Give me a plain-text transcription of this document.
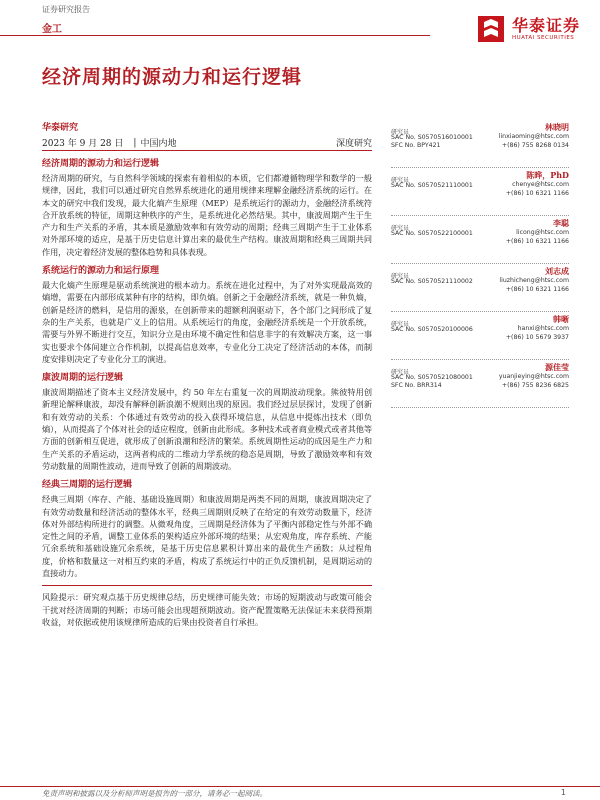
证券研究报告
金工	华泰证券
HUATAI SECURITIES
经济周期的源动力和运行逻辑
华泰研究
2023 年 9 月 28 日 | 中国内地	深度研究
经济周期的源动力和运行逻辑
经济周期的研究，与自然科学领域的探索有着相似的本质，它们都遵循物理学和数学的一般规律，因此，我们可以通过研究自然界系统进化的通用规律来理解金融经济系统的运行。在本文的研究中我们发现，最大化熵产生原理（MEP）是系统运行的源动力，金融经济系统符合开放系统的特征，周期这种秩序的产生，是系统进化必然结果。其中，康波周期产生于生产力和生产关系的矛盾，其本质是激励效率和有效劳动的周期；经典三周期产生于工业体系对外部环境的适应，是基于历史信息计算出来的最优生产结构。康波周期和经典三周期共同作用，决定着经济发展的整体趋势和具体表现。
系统运行的源动力和运行原理
最大化熵产生原理是驱动系统演进的根本动力。系统在进化过程中，为了对外实现最高效的熵增，需要在内部形成某种有序的结构，即负熵。创新之于金融经济系统，就是一种负熵，创新是经济的燃料，是信用的源泉，在创新带来的超额利润驱动下，各个部门之间形成了复杂的生产关系，也就是广义上的信用。从系统运行的角度，金融经济系统是一个开放系统，需要与外界不断进行交互，知识分立是由环境不确定性和信息非字的有效解决方案，这一事实也要求个体间建立合作机制，以提高信息效率，专业化分工决定了经济活动的本体，而制度安排则决定了专业化分工的演进。
康波周期的运行逻辑
康波周期描述了资本主义经济发展中，约 50 年左右重复一次的周期波动现象。熊彼特用创新理论解释康波，却没有解释创新浪潮不规则出现的原因。我们经过层层探讨，发现了创新和有效劳动的关系：个体通过有效劳动的投入获得环境信息，从信息中提炼出技术（即负熵），从而提高了个体对社会的适应程度，创新由此形成。多种技术或者商业模式或者其他等方面的创新相互促进，就形成了创新浪潮和经济的繁荣。系统周期性运动的成因是生产力和生产关系的矛盾运动，这两者构成的二维动力学系统的稳态是周期，导致了激励效率和有效劳动数量的周期性波动，进而导致了创新的周期波动。
经典三周期的运行逻辑
经典三周期（库存、产能、基础设施周期）和康波周期是两类不同的周期，康波周期决定了有效劳动数量和经济活动的整体水平，经典三周期则反映了在给定的有效劳动数量下，经济体对外部结构所进行的调整。从微观角度，三周期是经济体为了平衡内部稳定性与外部不确定性之间的矛盾，调整工业体系的架构适应外部环境的结果；从宏观角度，库存系统、产能冗余系统和基础设施冗余系统，是基于历史信息累积计算出来的最优生产函数；从过程角度，价格和数量这一对相互约束的矛盾，构成了系统运行中的正负反馈机制，是周期运动的直接动力。
风险提示：研究观点基于历史规律总结，历史规律可能失效；市场的短期波动与政策可能会干扰对经济周期的判断；市场可能会出现超预期波动。资产配置策略无法保证未来获得预期收益，对依据或使用该规律所造成的后果由投资者自行承担。
研究员
林晓明
SAC No. S0570516010001	linxiaoming@htsc.com
SFC No. BPY421	+(86) 755 8268 0134
研究员
陈晔，PhD
SAC No. S0570521110001	chenye@htsc.com
+(86) 10 6321 1166
研究员
李聪
SAC No. S0570522100001	licong@htsc.com
+(86) 10 6321 1166
研究员
刘志成
SAC No. S0570521110002	liuzhicheng@htsc.com
+(86) 10 6321 1166
研究员
韩晰
SAC No. S0570520100006	hanxi@htsc.com
+(86) 10 5679 3937
研究员
源佳莹
SAC No. S0570521080001	yuanjieying@htsc.com
SFC No. BRR314	+(86) 755 8236 6825
免责声明和披露以及分析师声明是报告的一部分，请务必一起阅读。	1
